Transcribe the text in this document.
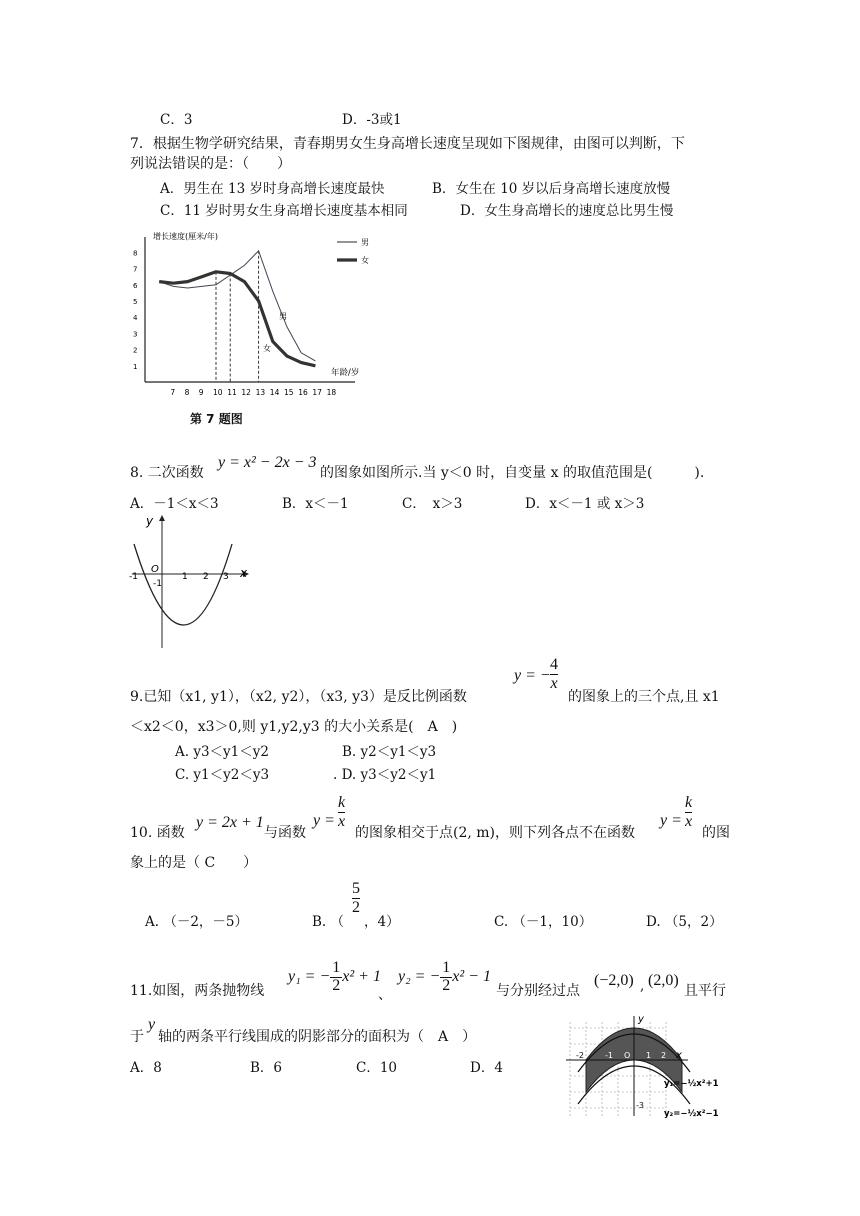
C．3	D．-3或1
7．根据生物学研究结果，青春期男女生身高增长速度呈现如下图规律，由图可以判断，下
列说法错误的是：（　　）
A．男生在 13 岁时身高增长速度最快	B．女生在 10 岁以后身高增长速度放慢
C．11 岁时男女生身高增长速度基本相同	D．女生身高增长的速度总比男生慢
增长速度(厘米/年)
年龄/岁
1
2
3
4
5
6
7
8
7 8 9 10 11 12 13 14 15 16 17 18
男
女
男
女
第 7 题图
8. 二次函数
y = x² − 2x − 3
的图象如图所示.当 y＜0 时，自变量 x 的取值范围是(　　　).
A．－1＜x＜3	B．x＜－1	C．　x＞3	D．x＜－1 或 x＞3
y
x
O
-1
-1
1 2 3
y = − $\frac{4}{x}$
9.已知（x1, y1），（x2, y2），（x3, y3）是反比例函数	的图象上的三个点,且 x1
＜x2＜0，x3＞0,则 y1,y2,y3 的大小关系是(　A　)
A. y3＜y1＜y2	B. y2＜y1＜y3
C. y1＜y2＜y3	. D. y3＜y2＜y1
10. 函数
y = 2x + 1
与函数
y =
k
x
的图象相交于点(2, m)，则下列各点不在函数
y =
k
x
的图
象上的是（ C　　）
A. （－2，－5）	B. （
$\frac{5}{2}$
，4）	C. （－1，10）	D. （5，2）
11.如图，两条抛物线
y₁ = − $\frac{1}{2} x^2 + 1$
、
y₂ = − $\frac{1}{2} x^2 - 1$
与分别经过点
(−2,0) , (2,0)
且平行
于
y
轴的两条平行线围成的阴影部分的面积为（　A　）
A．8	B．6	C．10	D．4
y
x
-2	-1 O 1 2
-1
-2
-3
y₁=−½x²+1
y₂=−½x²−1
